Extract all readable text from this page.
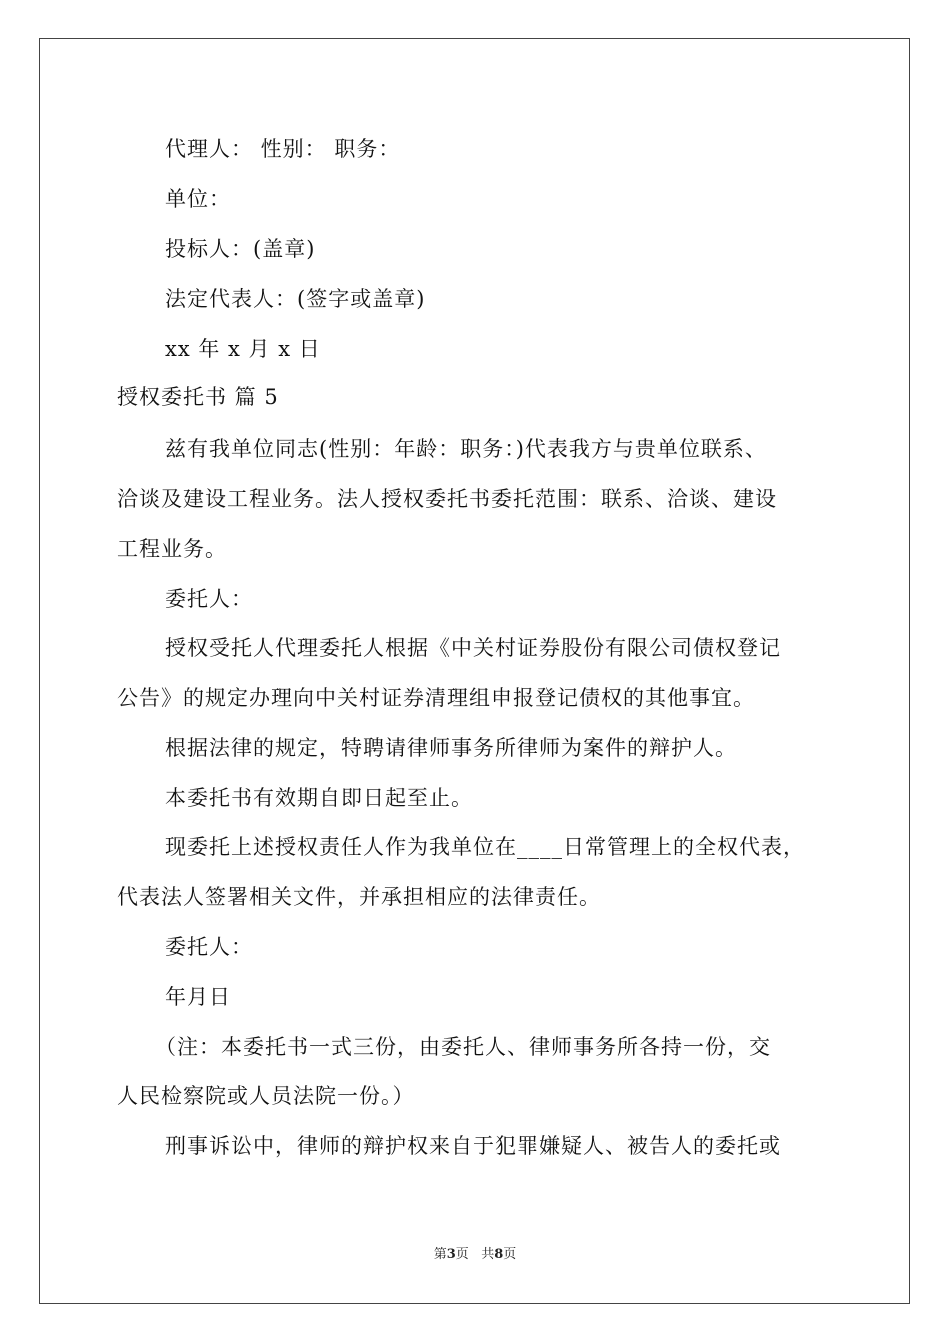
代理人： 性别： 职务：
单位：
投标人：(盖章)
法定代表人：(签字或盖章)
xx 年 x 月 x 日
授权委托书 篇 5
兹有我单位同志(性别：年龄：职务：)代表我方与贵单位联系、
洽谈及建设工程业务。法人授权委托书委托范围：联系、洽谈、建设
工程业务。
委托人：
授权受托人代理委托人根据《中关村证券股份有限公司债权登记
公告》的规定办理向中关村证券清理组申报登记债权的其他事宜。
根据法律的规定，特聘请律师事务所律师为案件的辩护人。
本委托书有效期自即日起至止。
现委托上述授权责任人作为我单位在____日常管理上的全权代表，
代表法人签署相关文件，并承担相应的法律责任。
委托人：
年月日
（注：本委托书一式三份，由委托人、律师事务所各持一份，交
人民检察院或人员法院一份。）
刑事诉讼中，律师的辩护权来自于犯罪嫌疑人、被告人的委托或
第3页 共8页
